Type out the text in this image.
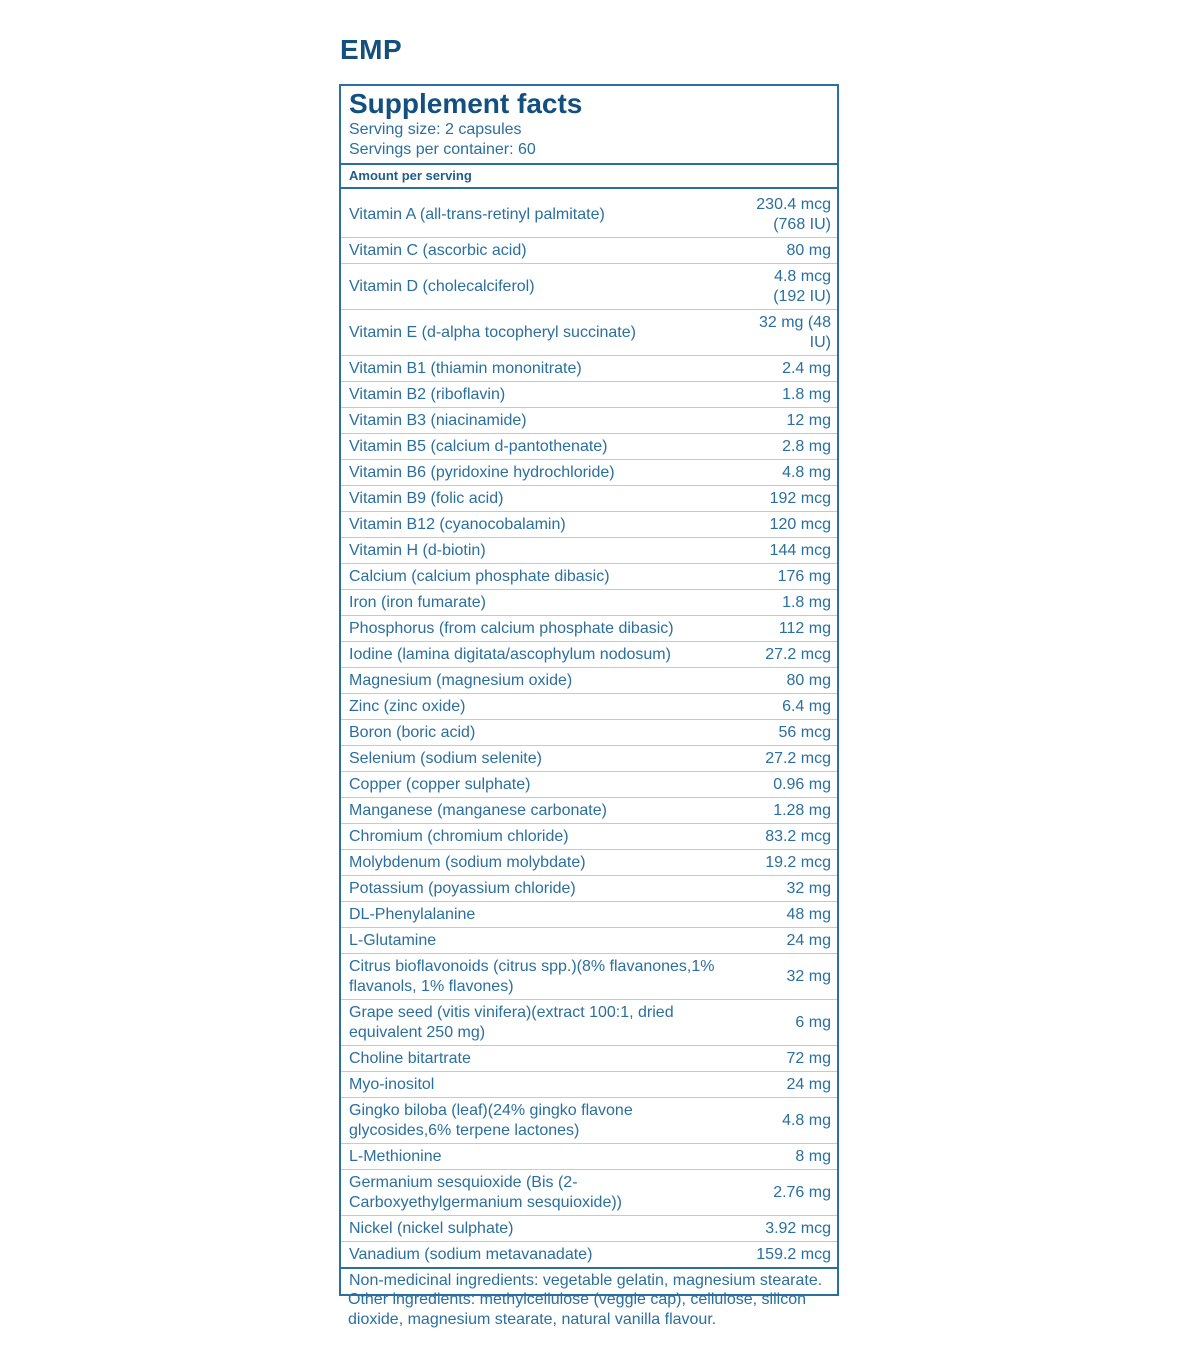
EMP
Supplement facts
Serving size: 2 capsules
Servings per container: 60
Amount per serving
Vitamin A (all-trans-retinyl palmitate)	230.4 mcg
(768 IU)
Vitamin C (ascorbic acid)	80 mg
Vitamin D (cholecalciferol)	4.8 mcg
(192 IU)
Vitamin E (d-alpha tocopheryl succinate)	32 mg (48
IU)
Vitamin B1 (thiamin mononitrate)	2.4 mg
Vitamin B2 (riboflavin)	1.8 mg
Vitamin B3 (niacinamide)	12 mg
Vitamin B5 (calcium d-pantothenate)	2.8 mg
Vitamin B6 (pyridoxine hydrochloride)	4.8 mg
Vitamin B9 (folic acid)	192 mcg
Vitamin B12 (cyanocobalamin)	120 mcg
Vitamin H (d-biotin)	144 mcg
Calcium (calcium phosphate dibasic)	176 mg
Iron (iron fumarate)	1.8 mg
Phosphorus (from calcium phosphate dibasic)	112 mg
Iodine (lamina digitata/ascophylum nodosum)	27.2 mcg
Magnesium (magnesium oxide)	80 mg
Zinc (zinc oxide)	6.4 mg
Boron (boric acid)	56 mcg
Selenium (sodium selenite)	27.2 mcg
Copper (copper sulphate)	0.96 mg
Manganese (manganese carbonate)	1.28 mg
Chromium (chromium chloride)	83.2 mcg
Molybdenum (sodium molybdate)	19.2 mcg
Potassium (poyassium chloride)	32 mg
DL-Phenylalanine	48 mg
L-Glutamine	24 mg
Citrus bioflavonoids (citrus spp.)(8% flavanones,1% flavanols, 1% flavones)	32 mg
Grape seed (vitis vinifera)(extract 100:1, dried equivalent 250 mg)	6 mg
Choline bitartrate	72 mg
Myo-inositol	24 mg
Gingko biloba (leaf)(24% gingko flavone glycosides,6% terpene lactones)	4.8 mg
L-Methionine	8 mg
Germanium sesquioxide (Bis (2-Carboxyethylgermanium sesquioxide))	2.76 mg
Nickel (nickel sulphate)	3.92 mcg
Vanadium (sodium metavanadate)	159.2 mcg
Non-medicinal ingredients: vegetable gelatin, magnesium stearate.
Other ingredients: methylcellulose (veggie cap), cellulose, silicon dioxide, magnesium stearate, natural vanilla flavour.
